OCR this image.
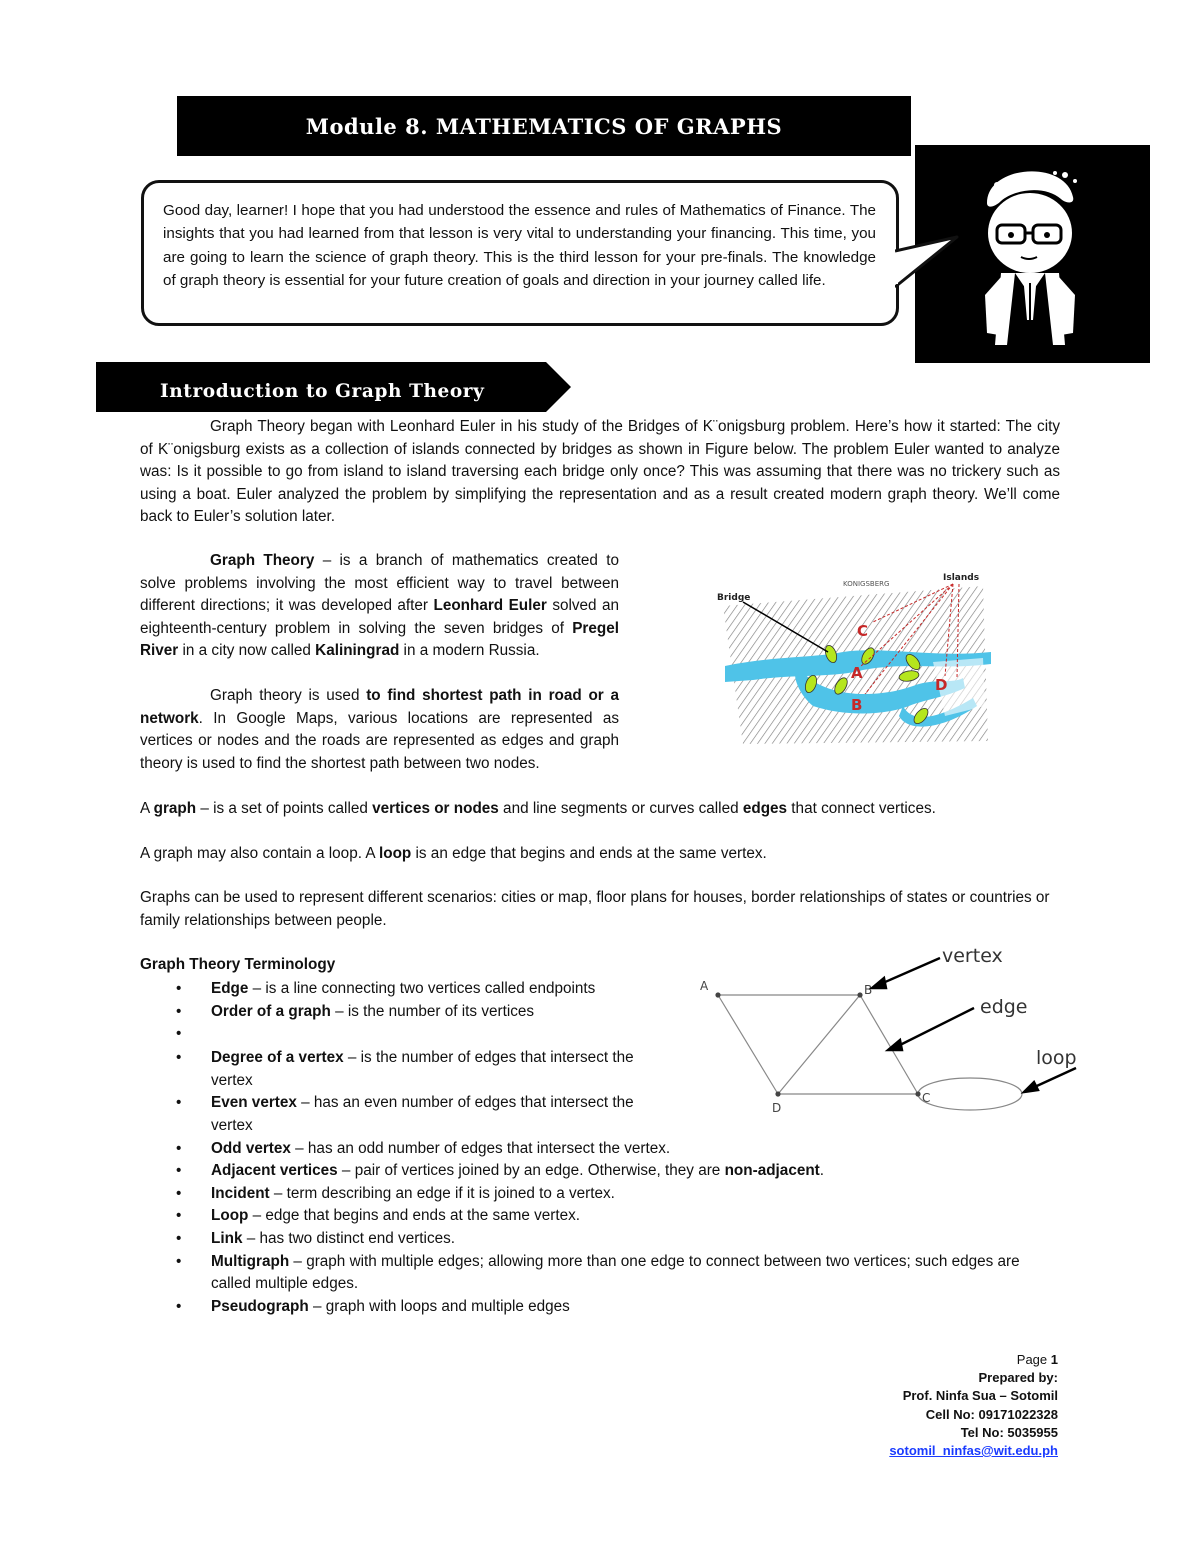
Module 8. MATHEMATICS OF GRAPHS
Good day, learner! I hope that you had understood the essence and rules of Mathematics of Finance. The insights that you had learned from that lesson is very vital to understanding your financing. This time, you are going to learn the science of graph theory. This is the third lesson for your pre-finals. The knowledge of graph theory is essential for your future creation of goals and direction in your journey called life.
Introduction to Graph Theory
Graph Theory began with Leonhard Euler in his study of the Bridges of K¨onigsburg problem. Here’s how it started: The city of K¨onigsburg exists as a collection of islands connected by bridges as shown in Figure below. The problem Euler wanted to analyze was: Is it possible to go from island to island traversing each bridge only once? This was assuming that there was no trickery such as using a boat. Euler analyzed the problem by simplifying the representation and as a result created modern graph theory. We’ll come back to Euler’s solution later.
Graph Theory – is a branch of mathematics created to solve problems involving the most efficient way to travel between different directions; it was developed after Leonhard Euler solved an eighteenth-century problem in solving the seven bridges of Pregel River in a city now called Kaliningrad in a modern Russia.
Graph theory is used to find shortest path in road or a network. In Google Maps, various locations are represented as vertices or nodes and the roads are represented as edges and graph theory is used to find the shortest path between two nodes.
Bridge
Islands
KONIGSBERG
C
A
B
D
A graph – is a set of points called vertices or nodes and line segments or curves called edges that connect vertices.
A graph may also contain a loop. A loop is an edge that begins and ends at the same vertex.
Graphs can be used to represent different scenarios: cities or map, floor plans for houses, border relationships of states or countries or family relationships between people.
A	B
C
D
vertex
edge
loop
Graph Theory Terminology
• Edge – is a line connecting two vertices called endpoints
• Order of a graph – is the number of its vertices
•
• Degree of a vertex – is the number of edges that intersect the vertex
• Even vertex – has an even number of edges that intersect the vertex
• Odd vertex – has an odd number of edges that intersect the vertex.
• Adjacent vertices – pair of vertices joined by an edge. Otherwise, they are non-adjacent.
• Incident – term describing an edge if it is joined to a vertex.
• Loop – edge that begins and ends at the same vertex.
• Link – has two distinct end vertices.
• Multigraph – graph with multiple edges; allowing more than one edge to connect between two vertices; such edges are called multiple edges.
• Pseudograph – graph with loops and multiple edges
Page 1
Prepared by:
Prof. Ninfa Sua – Sotomil
Cell No: 09171022328
Tel No: 5035955
sotomil_ninfas@wit.edu.ph
